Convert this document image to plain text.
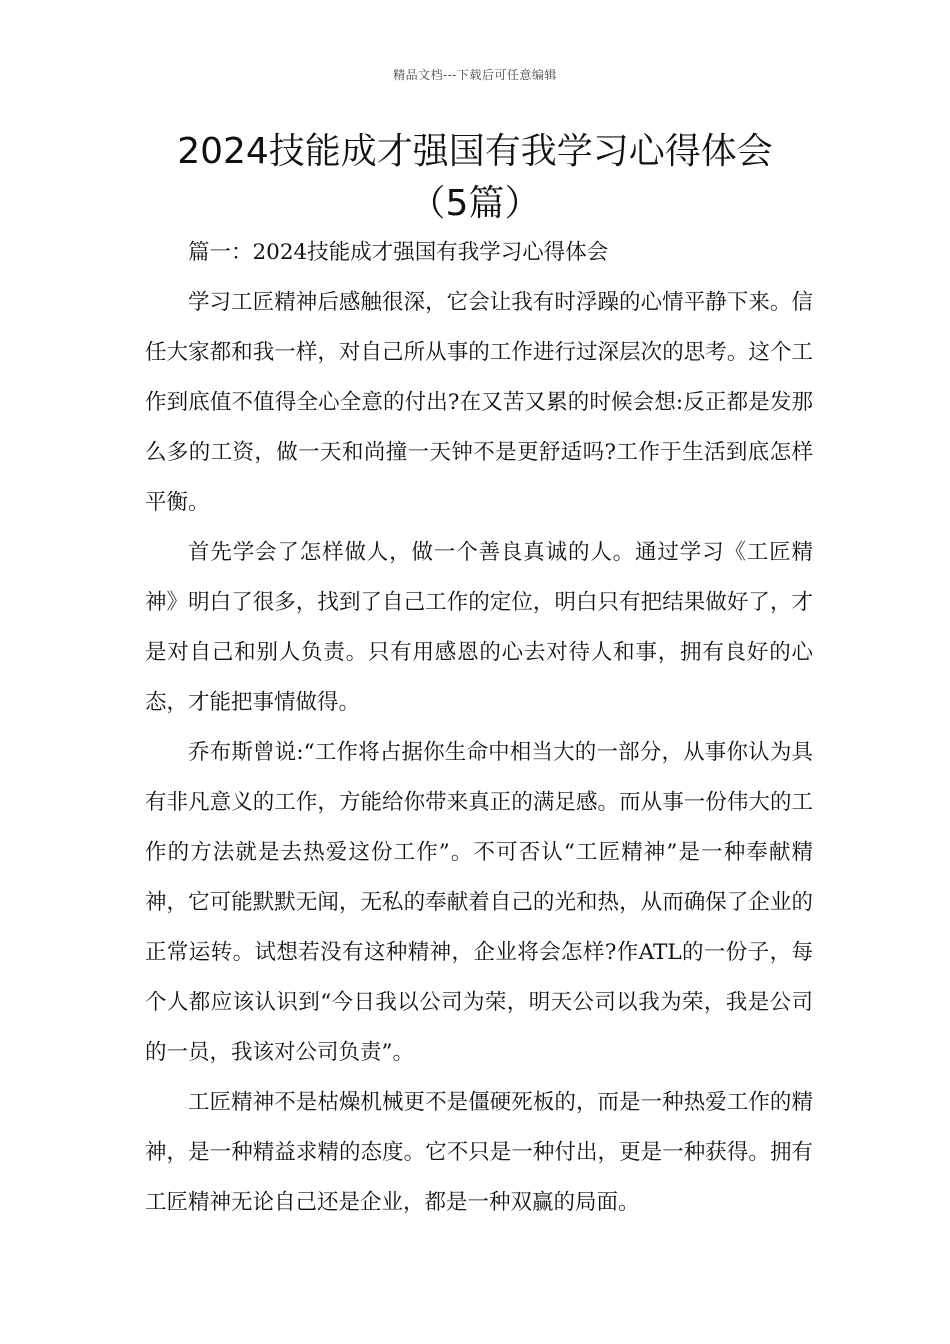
精品文档---下载后可任意编辑
2024技能成才强国有我学习心得体会
（5篇）

篇一：2024技能成才强国有我学习心得体会

学习工匠精神后感触很深，它会让我有时浮躁的心情平静下来。信任大家都和我一样，对自己所从事的工作进行过深层次的思考。这个工作到底值不值得全心全意的付出?在又苦又累的时候会想:反正都是发那么多的工资，做一天和尚撞一天钟不是更舒适吗?工作于生活到底怎样平衡。

首先学会了怎样做人，做一个善良真诚的人。通过学习《工匠精神》明白了很多，找到了自己工作的定位，明白只有把结果做好了，才是对自己和别人负责。只有用感恩的心去对待人和事，拥有良好的心态，才能把事情做得。

乔布斯曾说:“工作将占据你生命中相当大的一部分，从事你认为具有非凡意义的工作，方能给你带来真正的满足感。而从事一份伟大的工作的方法就是去热爱这份工作”。不可否认“工匠精神”是一种奉献精神，它可能默默无闻，无私的奉献着自己的光和热，从而确保了企业的正常运转。试想若没有这种精神，企业将会怎样?作ATL的一份子，每个人都应该认识到“今日我以公司为荣，明天公司以我为荣，我是公司的一员，我该对公司负责”。

工匠精神不是枯燥机械更不是僵硬死板的，而是一种热爱工作的精神，是一种精益求精的态度。它不只是一种付出，更是一种获得。拥有工匠精神无论自己还是企业，都是一种双赢的局面。
